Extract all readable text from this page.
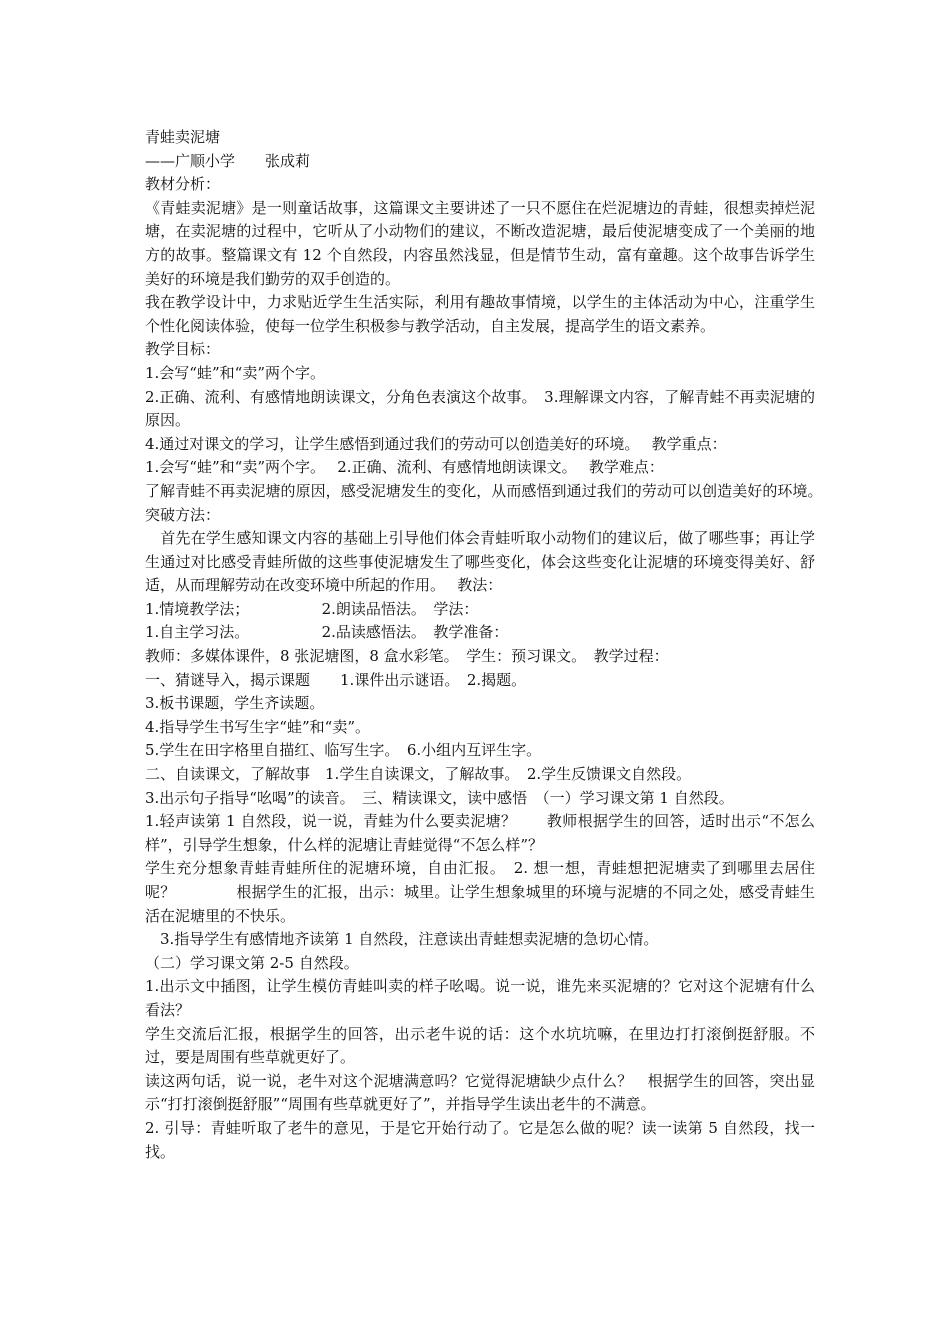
青蛙卖泥塘

——广顺小学　　张成莉

教材分析：

《青蛙卖泥塘》是一则童话故事，这篇课文主要讲述了一只不愿住在烂泥塘边的青蛙，很想卖掉烂泥塘，在卖泥塘的过程中，它听从了小动物们的建议，不断改造泥塘，最后使泥塘变成了一个美丽的地方的故事。整篇课文有 12 个自然段，内容虽然浅显，但是情节生动，富有童趣。这个故事告诉学生美好的环境是我们勤劳的双手创造的。

我在教学设计中，力求贴近学生生活实际，利用有趣故事情境，以学生的主体活动为中心，注重学生个性化阅读体验，使每一位学生积极参与教学活动，自主发展，提高学生的语文素养。

教学目标：

1.会写“蛙”和“卖”两个字。

2.正确、流利、有感情地朗读课文，分角色表演这个故事。　3.理解课文内容，了解青蛙不再卖泥塘的原因。

4.通过对课文的学习，让学生感悟到通过我们的劳动可以创造美好的环境。　 教学重点：

1.会写“蛙”和“卖”两个字。　 2.正确、流利、有感情地朗读课文。　 教学难点：

了解青蛙不再卖泥塘的原因，感受泥塘发生的变化，从而感悟到通过我们的劳动可以创造美好的环境。　 突破方法：

　首先在学生感知课文内容的基础上引导他们体会青蛙听取小动物们的建议后，做了哪些事；再让学生通过对比感受青蛙所做的这些事使泥塘发生了哪些变化，体会这些变化让泥塘的环境变得美好、舒适，从而理解劳动在改变环境中所起的作用。　 教法：

1.情境教学法；　　　　　 2.朗读品悟法。　学法：

1.自主学习法。　　　　　 2.品读感悟法。　教学准备：

教师：多媒体课件，8 张泥塘图，8 盒水彩笔。　学生：预习课文。　教学过程：

一、猜谜导入，揭示课题　　1.课件出示谜语。　2.揭题。

3.板书课题，学生齐读题。

4.指导学生书写生字“蛙”和“卖”。

5.学生在田字格里自描红、临写生字。　6.小组内互评生字。

二、自读课文，了解故事　1.学生自读课文，了解故事。　2.学生反馈课文自然段。

3.出示句子指导“吆喝”的读音。　三、精读课文，读中感悟　（一）学习课文第 1 自然段。

1.轻声读第 1 自然段，说一说，青蛙为什么要卖泥塘？　　教师根据学生的回答，适时出示“不怎么样”，引导学生想象，什么样的泥塘让青蛙觉得“不怎么样”？

学生充分想象青蛙青蛙所住的泥塘环境，自由汇报。　2. 想一想，青蛙想把泥塘卖了到哪里去居住呢？　　　　根据学生的汇报，出示：城里。让学生想象城里的环境与泥塘的不同之处，感受青蛙生活在泥塘里的不快乐。

　3.指导学生有感情地齐读第 1 自然段，注意读出青蛙想卖泥塘的急切心情。

（二）学习课文第 2-5 自然段。

1.出示文中插图，让学生模仿青蛙叫卖的样子吆喝。说一说，谁先来买泥塘的？它对这个泥塘有什么看法？

学生交流后汇报，根据学生的回答，出示老牛说的话：这个水坑坑嘛，在里边打打滚倒挺舒服。不过，要是周围有些草就更好了。

读这两句话，说一说，老牛对这个泥塘满意吗？它觉得泥塘缺少点什么？　根据学生的回答，突出显示“打打滚倒挺舒服”“周围有些草就更好了”，并指导学生读出老牛的不满意。

2. 引导：青蛙听取了老牛的意见，于是它开始行动了。它是怎么做的呢？读一读第 5 自然段，找一找。
